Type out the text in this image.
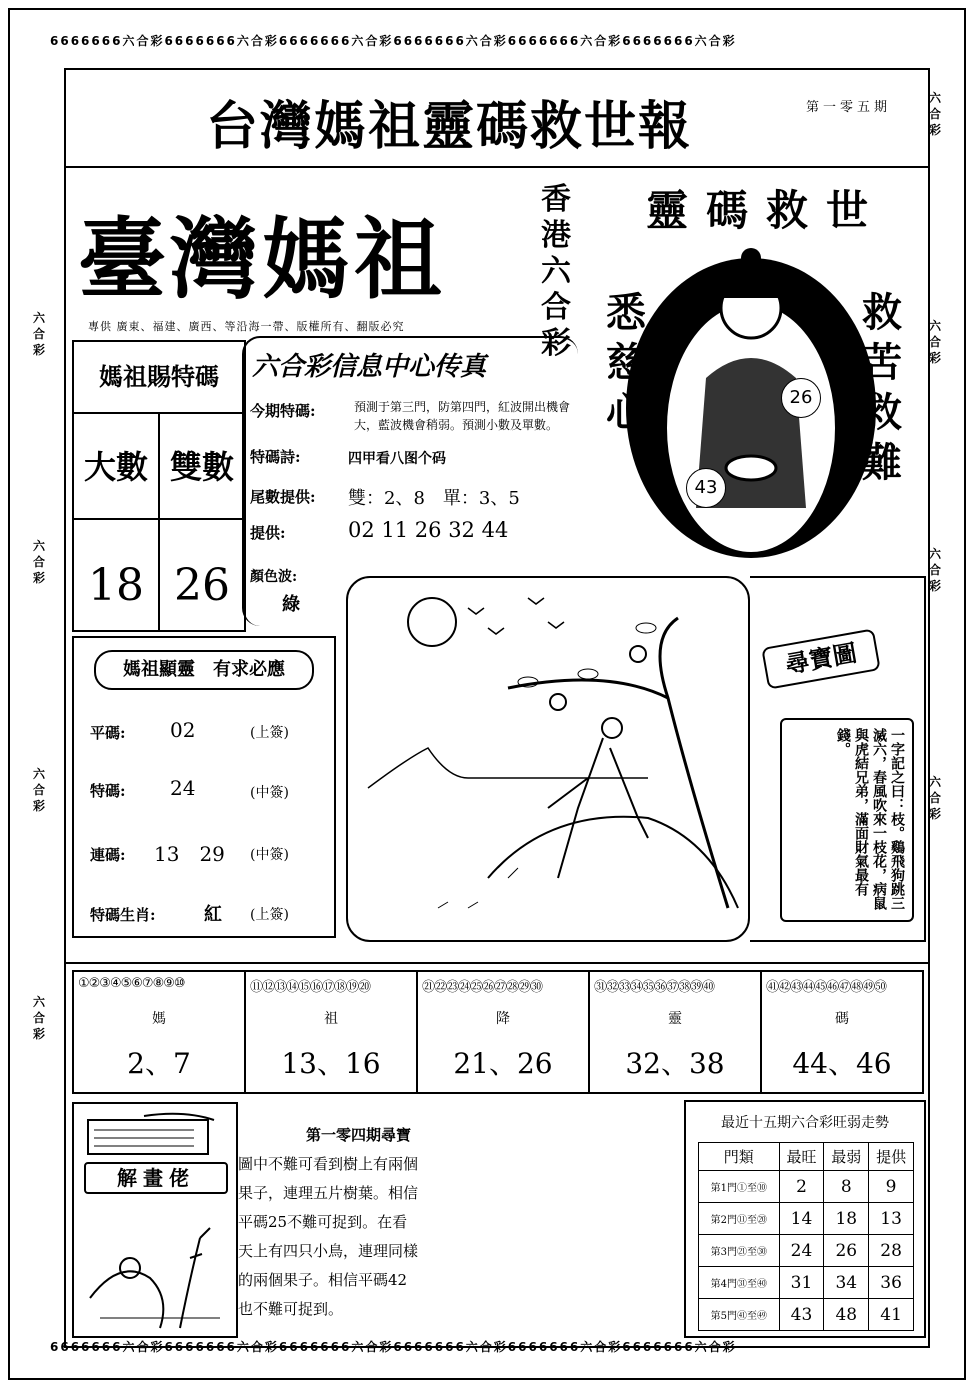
6666666六合彩6666666六合彩6666666六合彩6666666六合彩6666666六合彩6666666六合彩
6666666六合彩6666666六合彩6666666六合彩6666666六合彩6666666六合彩6666666六合彩
六合彩
六合彩
六合彩
六合彩
六合彩
六合彩
六合彩
六合彩
台灣媽祖靈碼救世報	第一零五期
臺灣媽祖
香港六合彩
專供 廣東、福建、廣西、等沿海一帶、版權所有、翻版必究
靈碼救世
悉慈心
救苦救難
26
43
媽祖賜特碼
大數 雙數
18 26
六合彩信息中心传真
今期特碼:	預測于第三門，防第四門，紅波開出機會大，藍波機會稍弱。預測小數及單數。
特碼詩:	四甲看八图个码
尾數提供: 雙：2、8　單：3、5
提供:	02 11 26 32 44
顏色波:
綠
媽祖顯靈　有求必應
平碼: 02	(上簽)
特碼: 24	(中簽)
連碼: 13　29 (中簽)
特碼生肖:	紅 (上簽)
尋寶圖
一字記之曰：枝。鷄飛狗跳三滅六，春風吹來一枝花，病鼠與虎結兄弟，滿面財氣最有錢。
①②③④⑤⑥⑦⑧⑨⑩
媽
2、7
⑪⑫⑬⑭⑮⑯⑰⑱⑲⑳
祖
13、16
㉑㉒㉓㉔㉕㉖㉗㉘㉙㉚
降
21、26
㉛㉜㉝㉞㉟㊱㊲㊳㊴㊵
靈
32、38
㊶㊷㊸㊹㊺㊻㊼㊽㊾㊿
碼
44、46
解畫佬
第一零四期尋寶
圖中不難可看到樹上有兩個果子，連理五片樹葉。相信平碼25不難可捉到。在看天上有四只小鳥，連理同樣的兩個果子。相信平碼42也不難可捉到。
最近十五期六合彩旺弱走勢
門類	最旺	最弱	提供
第1門①至⑩	2	8	9
第2門⑪至⑳	14	18	13
第3門㉑至㉚	24	26	28
第4門㉛至㊵	31	34	36
第5門㊶至㊾	43	48	41
